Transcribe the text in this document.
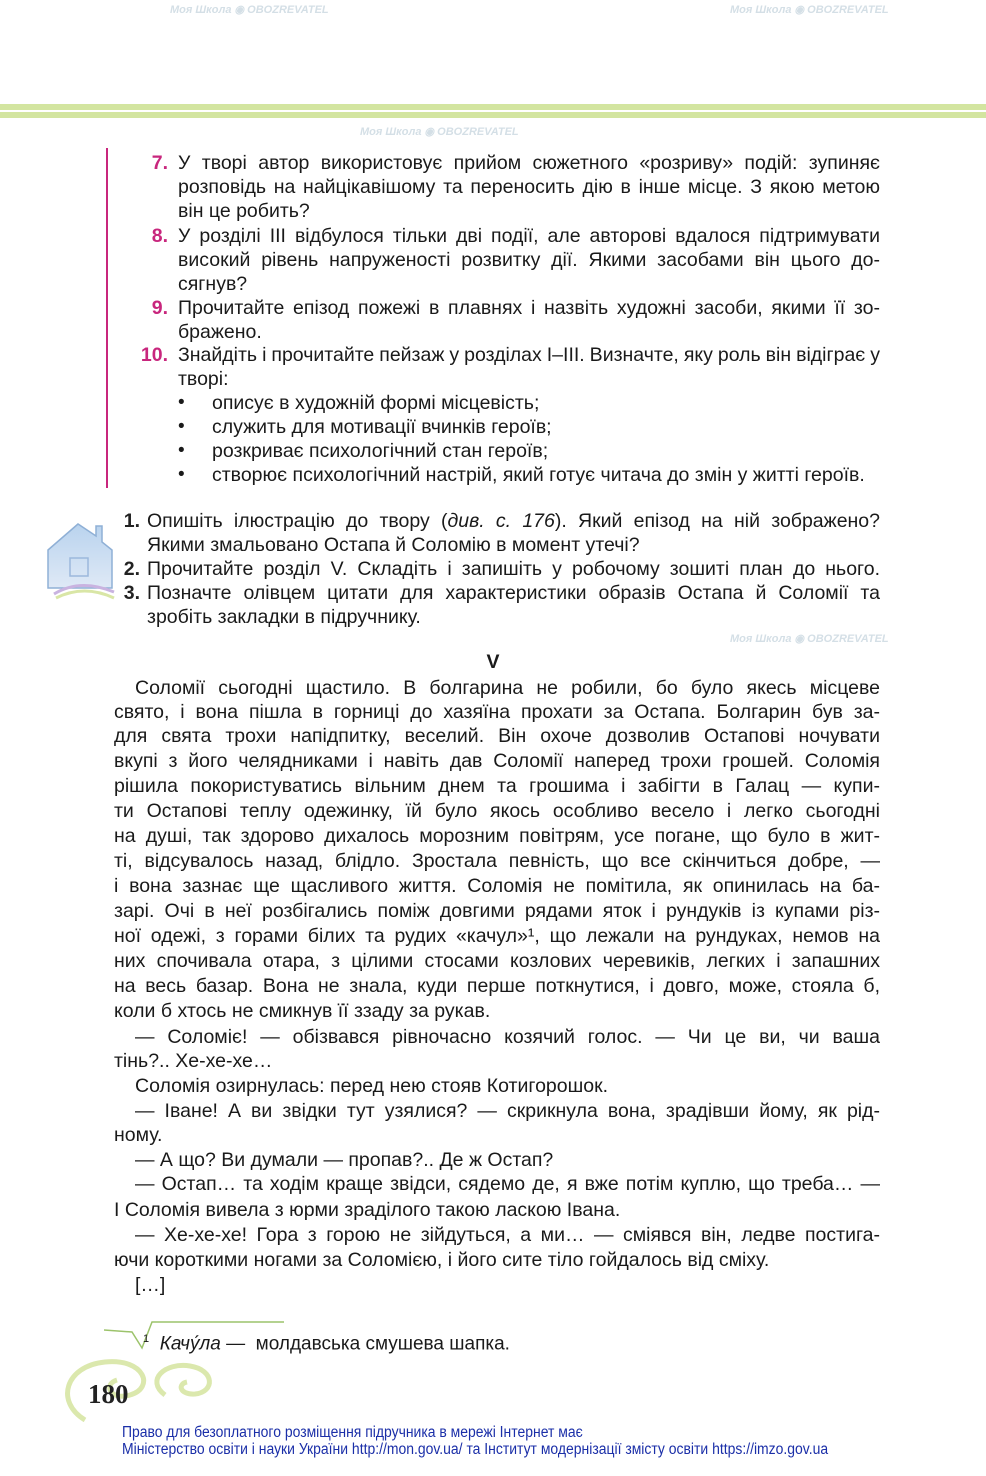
Моя Школа ◉ OBOZREVATEL	Моя Школа ◉ OBOZREVATEL
Моя Школа ◉ OBOZREVATEL
Моя Школа ◉ OBOZREVATEL
7. У творі автор використовує прийом сюжетного «розриву» подій: зупиняє
розповідь на найцікавішому та переносить дію в інше місце. З якою метою
він це робить?
8. У розділі III відбулося тільки дві події, але авторові вдалося підтримувати
високий рівень напруженості розвитку дії. Якими засобами він цього до-
сягнув?
9. Прочитайте епізод пожежі в плавнях і назвіть художні засоби, якими її зо-
бражено.
10. Знайдіть і прочитайте пейзаж у розділах I–III. Визначте, яку роль він відіграє у
творі:
• описує в художній формі місцевість;
• служить для мотивації вчинків героїв;
• розкриває психологічний стан героїв;
• створює психологічний настрій, який готує читача до змін у житті героїв.
1. Опишіть ілюстрацію до твору (див. с. 176). Який епізод на ній зображено?
Якими змальовано Остапа й Соломію в момент утечі?
2. Прочитайте розділ V. Складіть і запишіть у робочому зошиті план до нього.
3. Позначте олівцем цитати для характеристики образів Остапа й Соломії та
зробіть закладки в підручнику.
V
Соломії сьогодні щастило. В болгарина не робили, бо було якесь місцеве
свято, і вона пішла в горниці до хазяїна прохати за Остапа. Болгарин був за-
для свята трохи напідпитку, веселий. Він охоче дозволив Остапові ночувати
вкупі з його челядниками і навіть дав Соломії наперед трохи грошей. Соломія
рішила покористуватись вільним днем та грошима і забігти в Галац — купи-
ти Остапові теплу одежинку, їй було якось особливо весело і легко сьогодні
на душі, так здорово дихалось морозним повітрям, усе погане, що було в жит-
ті, відсувалось назад, блідло. Зростала певність, що все скінчиться добре, —
і вона зазнає ще щасливого життя. Соломія не помітила, як опинилась на ба-
зарі. Очі в неї розбігались поміж довгими рядами яток і рундуків із купами різ-
ної одежі, з горами білих та рудих «качул»¹, що лежали на рундуках, немов на
них спочивала отара, з цілими стосами козлових черевиків, легких і запашних
на весь базар. Вона не знала, куди перше поткнутися, і довго, може, стояла б,
коли б хтось не смикнув її ззаду за рукав.
— Соломіє! — обізвався рівночасно козячий голос. — Чи це ви, чи ваша
тінь?.. Хе-хе-хе…
Соломія озирнулась: перед нею стояв Котигорошок.
— Іване! А ви звідки тут узялися? — скрикнула вона, зрадівши йому, як рід-
ному.
— А що? Ви думали — пропав?.. Де ж Остап?
— Остап… та ходім краще звідси, сядемо де, я вже потім куплю, що треба… —
І Соломія вивела з юрми зраділого такою ласкою Івана.
— Хе-хе-хе! Гора з горою не зійдуться, а ми… — сміявся він, ледве постига-
ючи короткими ногами за Соломією, і його сите тіло гойдалось від сміху.
[…]
$^1$ Качу́ла —  молдавська смушева шапка.
180
Право для безоплатного розміщення підручника в мережі Інтернет має
Міністерство освіти і науки України http://mon.gov.ua/ та Інститут модернізації змісту освіти https://imzo.gov.ua
